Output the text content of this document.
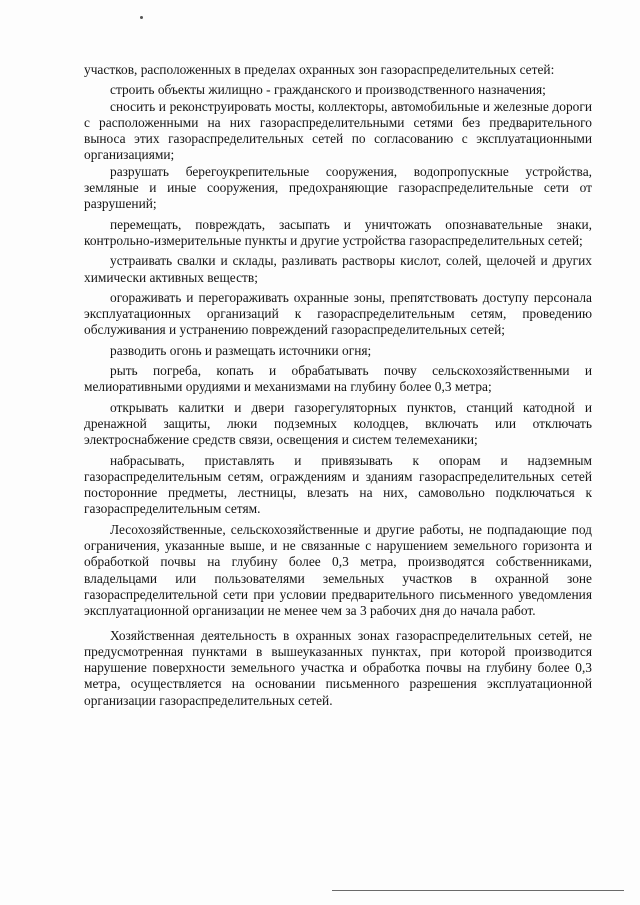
участков, расположенных в пределах охранных зон газораспределительных сетей:

строить объекты жилищно - гражданского и производственного назначения;

сносить и реконструировать мосты, коллекторы, автомобильные и железные дороги с расположенными на них газораспределительными сетями без предварительного выноса этих газораспределительных сетей по согласованию с эксплуатационными организациями;

разрушать берегоукрепительные сооружения, водопропускные устройства, земляные и иные сооружения, предохраняющие газораспределительные сети от разрушений;

перемещать, повреждать, засыпать и уничтожать опознавательные знаки, контрольно-измерительные пункты и другие устройства газораспределительных сетей;

устраивать свалки и склады, разливать растворы кислот, солей, щелочей и других химически активных веществ;

огораживать и перегораживать охранные зоны, препятствовать доступу персонала эксплуатационных организаций к газораспределительным сетям, проведению обслуживания и устранению повреждений газораспределительных сетей;

разводить огонь и размещать источники огня;

рыть погреба, копать и обрабатывать почву сельскохозяйственными и мелиоративными орудиями и механизмами на глубину более 0,3 метра;

открывать калитки и двери газорегуляторных пунктов, станций катодной и дренажной защиты, люки подземных колодцев, включать или отключать электроснабжение средств связи, освещения и систем телемеханики;

набрасывать, приставлять и привязывать к опорам и надземным газораспределительным сетям, ограждениям и зданиям газораспределительных сетей посторонние предметы, лестницы, влезать на них, самовольно подключаться к газораспределительным сетям.

Лесохозяйственные, сельскохозяйственные и другие работы, не подпадающие под ограничения, указанные выше, и не связанные с нарушением земельного горизонта и обработкой почвы на глубину более 0,3 метра, производятся собственниками, владельцами или пользователями земельных участков в охранной зоне газораспределительной сети при условии предварительного письменного уведомления эксплуатационной организации не менее чем за 3 рабочих дня до начала работ.

Хозяйственная деятельность в охранных зонах газораспределительных сетей, не предусмотренная пунктами в вышеуказанных пунктах, при которой производится нарушение поверхности земельного участка и обработка почвы на глубину более 0,3 метра, осуществляется на основании письменного разрешения эксплуатационной организации газораспределительных сетей.
